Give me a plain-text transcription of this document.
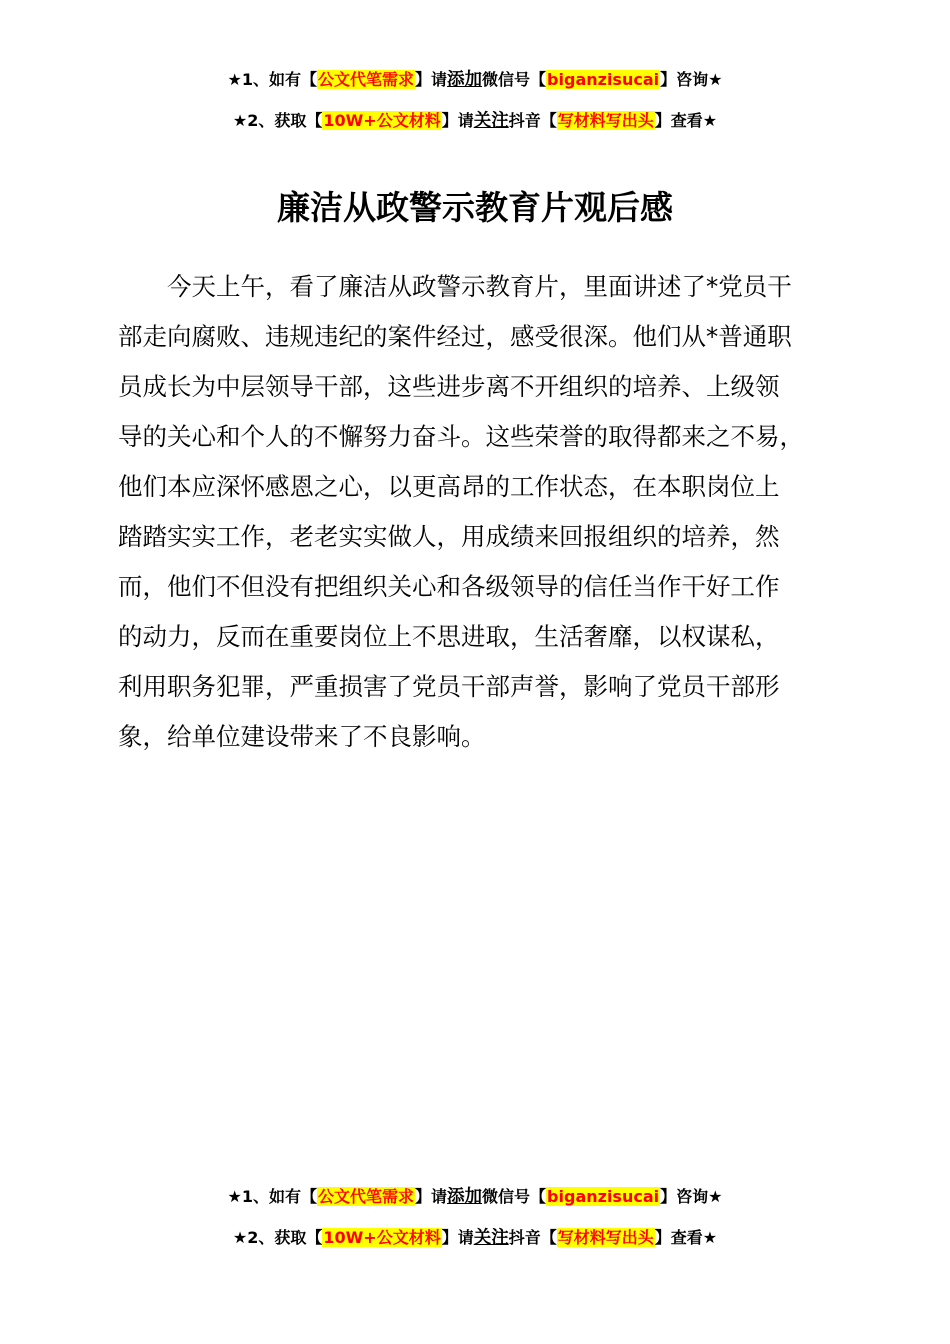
★1、如有【公文代笔需求】请添加微信号【biganzisucai】咨询★
★2、获取【10W+公文材料】请关注抖音【写材料写出头】查看★
廉洁从政警示教育片观后感
今天上午，看了廉洁从政警示教育片，里面讲述了*党员干
部走向腐败、违规违纪的案件经过，感受很深。他们从*普通职
员成长为中层领导干部，这些进步离不开组织的培养、上级领
导的关心和个人的不懈努力奋斗。这些荣誉的取得都来之不易，
他们本应深怀感恩之心，以更高昂的工作状态，在本职岗位上
踏踏实实工作，老老实实做人，用成绩来回报组织的培养，然
而，他们不但没有把组织关心和各级领导的信任当作干好工作
的动力，反而在重要岗位上不思进取，生活奢靡，以权谋私，
利用职务犯罪，严重损害了党员干部声誉，影响了党员干部形
象，给单位建设带来了不良影响。
★1、如有【公文代笔需求】请添加微信号【biganzisucai】咨询★
★2、获取【10W+公文材料】请关注抖音【写材料写出头】查看★
